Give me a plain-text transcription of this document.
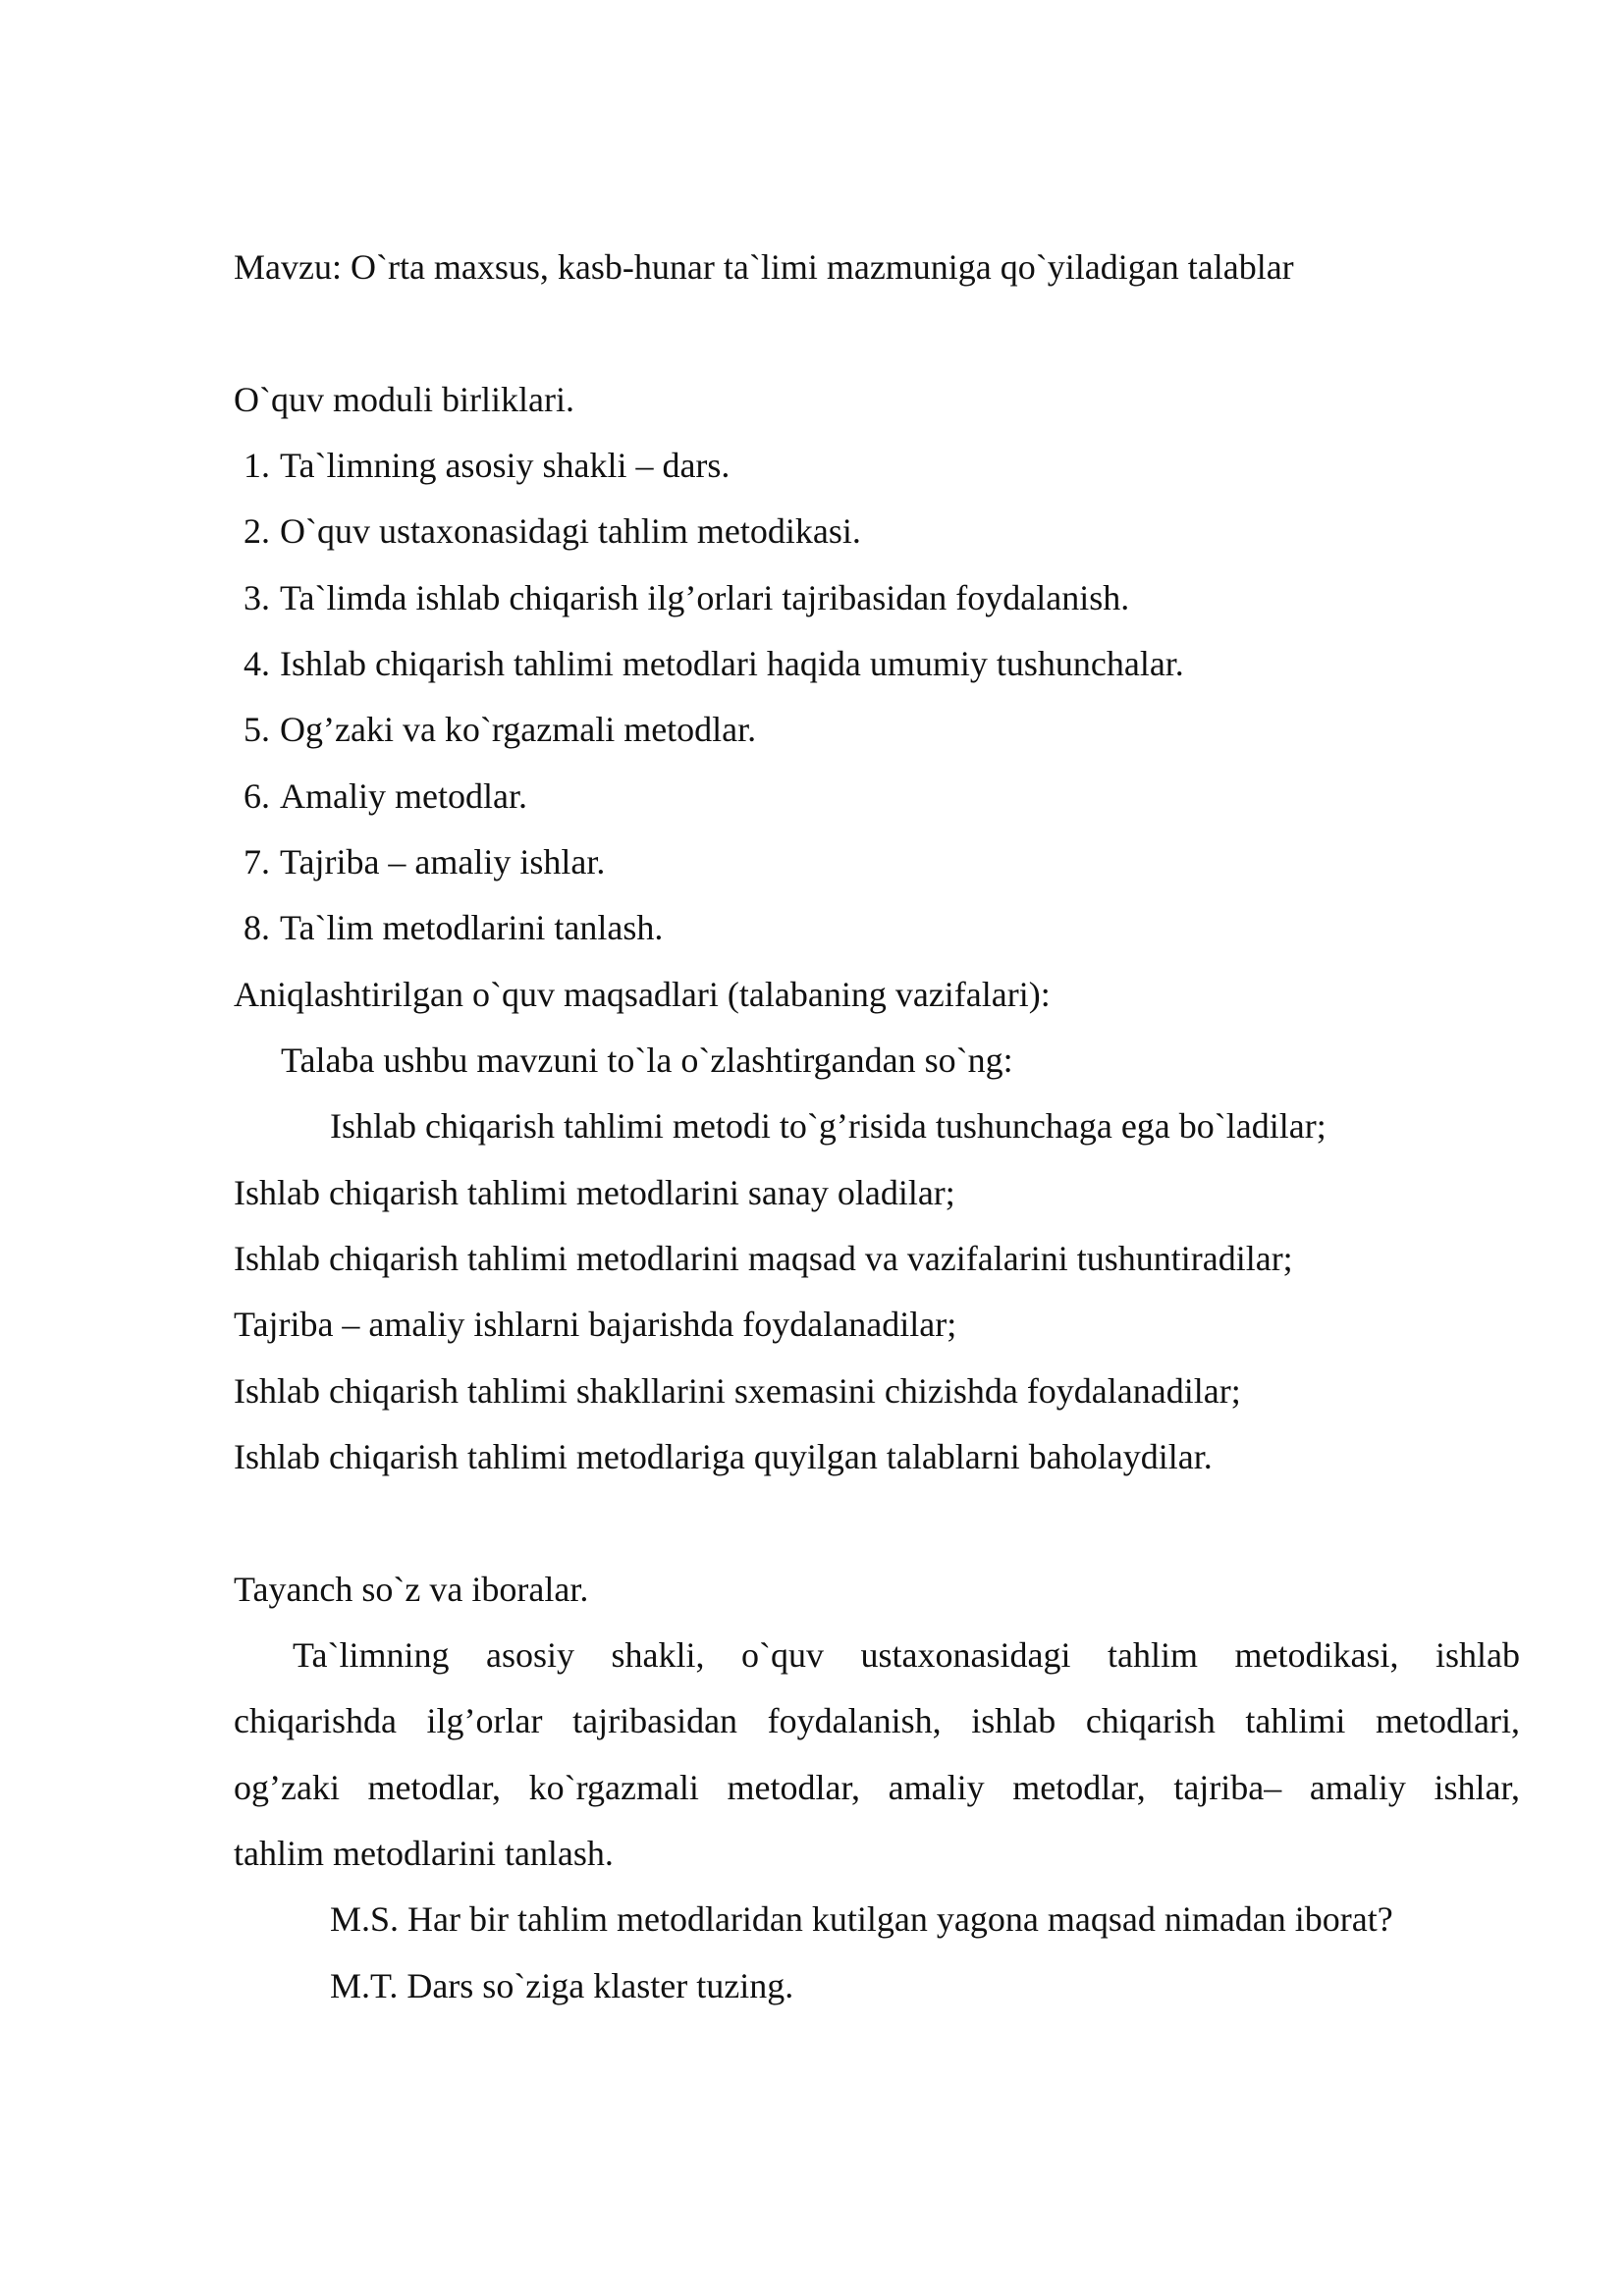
Mavzu: O`rta maxsus, kasb-hunar ta`limi mazmuniga qo`yiladigan talablar
O`quv moduli birliklari.
1. Ta`limning asosiy shakli – dars.
2. O`quv ustaxonasidagi tahlim metodikasi.
3. Ta`limda ishlab chiqarish ilg’orlari tajribasidan foydalanish.
4. Ishlab chiqarish tahlimi metodlari haqida umumiy tushunchalar.
5. Og’zaki va ko`rgazmali metodlar.
6. Amaliy metodlar.
7. Tajriba – amaliy ishlar.
8. Ta`lim metodlarini tanlash.
Aniqlashtirilgan o`quv maqsadlari (talabaning vazifalari):
Talaba ushbu mavzuni to`la o`zlashtirgandan so`ng:
Ishlab chiqarish tahlimi metodi to`g’risida tushunchaga ega bo`ladilar;
Ishlab chiqarish tahlimi metodlarini sanay oladilar;
Ishlab chiqarish tahlimi metodlarini maqsad va vazifalarini tushuntiradilar;
Tajriba – amaliy ishlarni bajarishda foydalanadilar;
Ishlab chiqarish tahlimi shakllarini sxemasini chizishda foydalanadilar;
Ishlab chiqarish tahlimi metodlariga quyilgan talablarni baholaydilar.
Tayanch so`z va iboralar.
Ta`limning asosiy shakli, o`quv ustaxonasidagi tahlim metodikasi, ishlab
chiqarishda ilg’orlar tajribasidan foydalanish, ishlab chiqarish tahlimi metodlari,
og’zaki metodlar, ko`rgazmali metodlar, amaliy metodlar, tajriba– amaliy ishlar,
tahlim metodlarini tanlash.
M.S. Har bir tahlim metodlaridan kutilgan yagona maqsad nimadan iborat?
M.T. Dars so`ziga klaster tuzing.
